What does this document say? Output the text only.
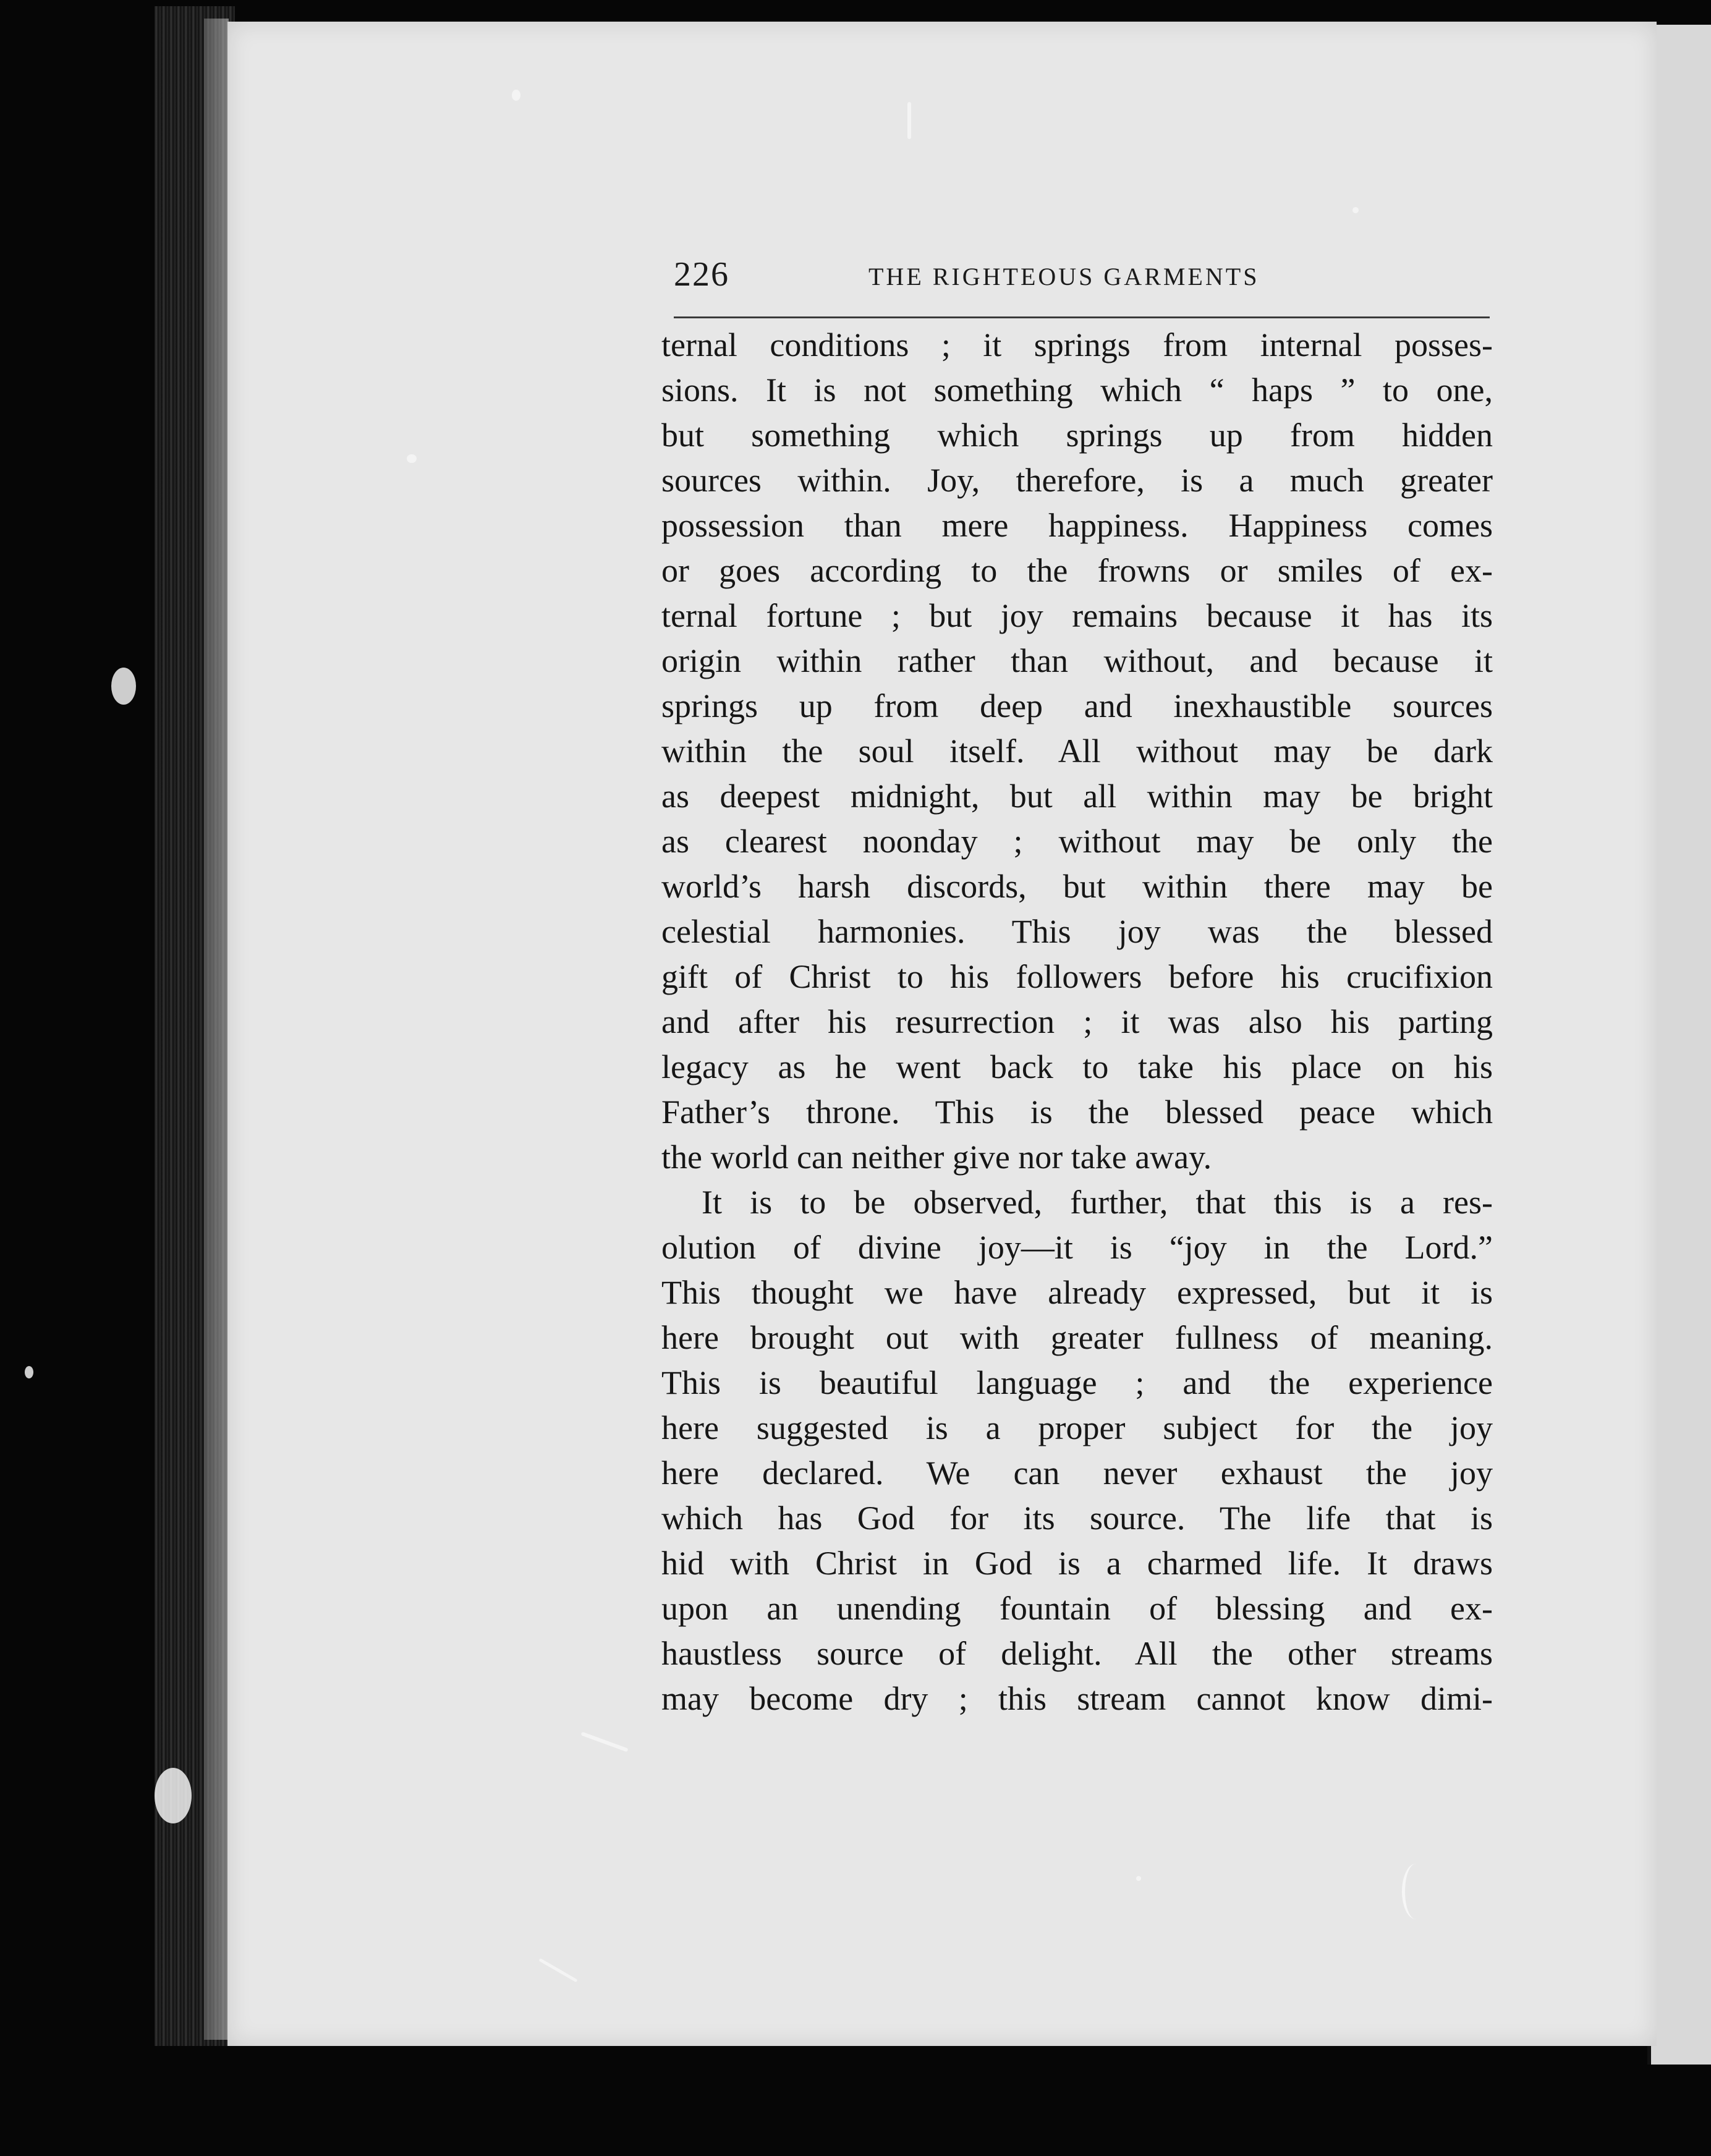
226	THE RIGHTEOUS GARMENTS
ternal conditions ; it springs from internal posses-
sions. It is not something which “ haps ” to one,
but something which springs up from hidden
sources within. Joy, therefore, is a much greater
possession than mere happiness. Happiness comes
or goes according to the frowns or smiles of ex-
ternal fortune ; but joy remains because it has its
origin within rather than without, and because it
springs up from deep and inexhaustible sources
within the soul itself. All without may be dark
as deepest midnight, but all within may be bright
as clearest noonday ; without may be only the
world’s harsh discords, but within there may be
celestial harmonies. This joy was the blessed
gift of Christ to his followers before his crucifixion
and after his resurrection ; it was also his parting
legacy as he went back to take his place on his
Father’s throne. This is the blessed peace which
the world can neither give nor take away.
It is to be observed, further, that this is a res-
olution of divine joy—it is “joy in the Lord.”
This thought we have already expressed, but it is
here brought out with greater fullness of meaning.
This is beautiful language ; and the experience
here suggested is a proper subject for the joy
here declared. We can never exhaust the joy
which has God for its source. The life that is
hid with Christ in God is a charmed life. It draws
upon an unending fountain of blessing and ex-
haustless source of delight. All the other streams
may become dry ; this stream cannot know dimi-
